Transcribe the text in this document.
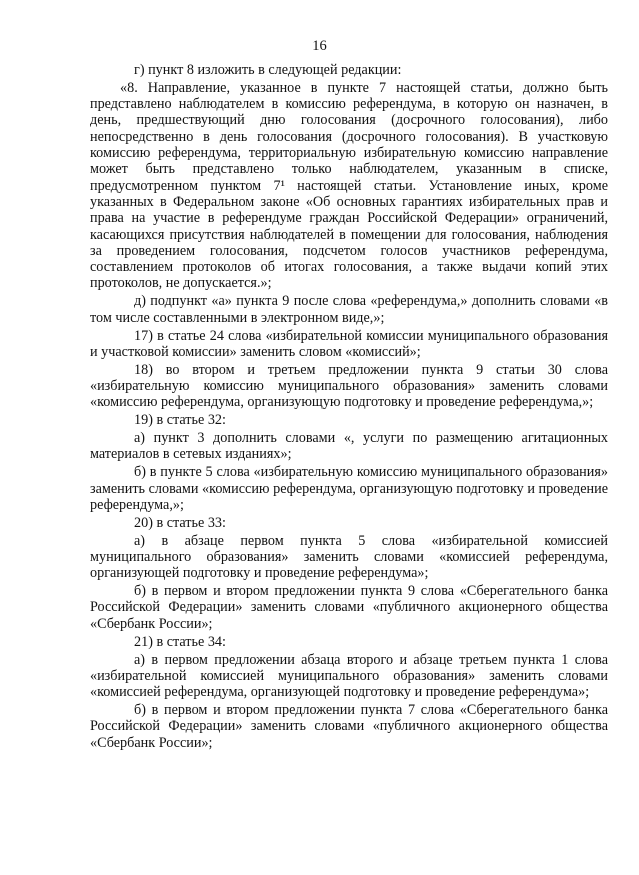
16

г) пункт 8 изложить в следующей редакции:

«8. Направление, указанное в пункте 7 настоящей статьи, должно быть представлено наблюдателем в комиссию референдума, в которую он назначен, в день, предшествующий дню голосования (досрочного голосования), либо непосредственно в день голосования (досрочного голосования). В участковую комиссию референдума, территориальную избирательную комиссию направление может быть представлено только наблюдателем, указанным в списке, предусмотренном пунктом 7¹ настоящей статьи. Установление иных, кроме указанных в Федеральном законе «Об основных гарантиях избирательных прав и права на участие в референдуме граждан Российской Федерации» ограничений, касающихся присутствия наблюдателей в помещении для голосования, наблюдения за проведением голосования, подсчетом голосов участников референдума, составлением протоколов об итогах голосования, а также выдачи копий этих протоколов, не допускается.»;

д) подпункт «а» пункта 9 после слова «референдума,» дополнить словами «в том числе составленными в электронном виде,»;

17) в статье 24 слова «избирательной комиссии муниципального образования и участковой комиссии» заменить словом «комиссий»;

18) во втором и третьем предложении пункта 9 статьи 30 слова «избирательную комиссию муниципального образования» заменить словами «комиссию референдума, организующую подготовку и проведение референдума,»;

19) в статье 32:

а) пункт 3 дополнить словами «, услуги по размещению агитационных материалов в сетевых изданиях»;

б) в пункте 5 слова «избирательную комиссию муниципального образования» заменить словами «комиссию референдума, организующую подготовку и проведение референдума,»;

20) в статье 33:

а) в абзаце первом пункта 5 слова «избирательной комиссией муниципального образования» заменить словами «комиссией референдума, организующей подготовку и проведение референдума»;

б) в первом и втором предложении пункта 9 слова «Сберегательного банка Российской Федерации» заменить словами «публичного акционерного общества «Сбербанк России»;

21) в статье 34:

а) в первом предложении абзаца второго и абзаце третьем пункта 1 слова «избирательной комиссией муниципального образования» заменить словами «комиссией референдума, организующей подготовку и проведение референдума»;

б) в первом и втором предложении пункта 7 слова «Сберегательного банка Российской Федерации» заменить словами «публичного акционерного общества «Сбербанк России»;
